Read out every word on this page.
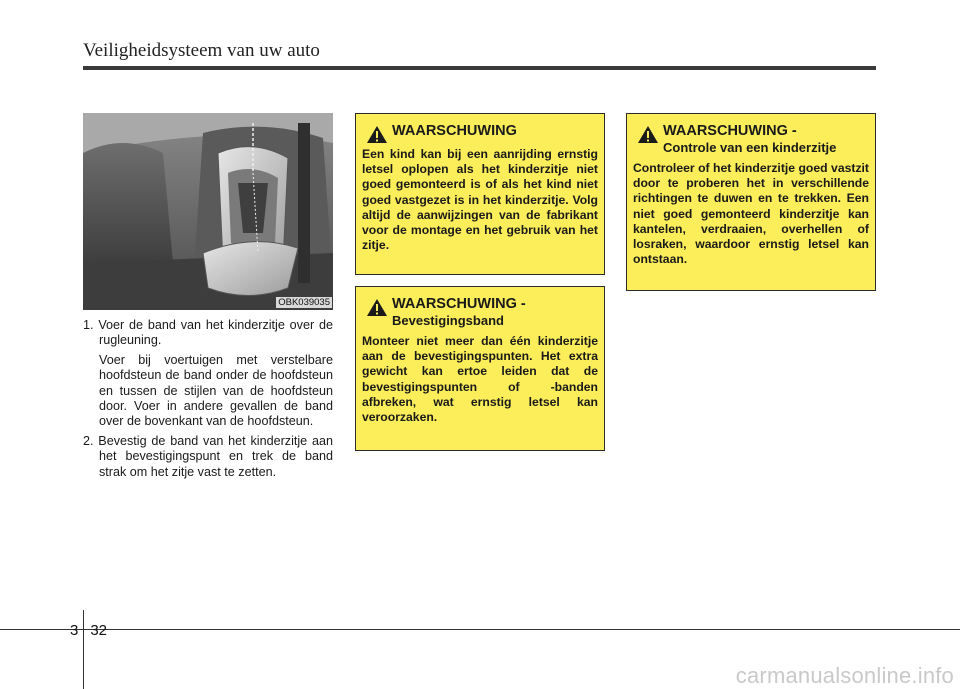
Veiligheidsysteem van uw auto
OBK039035
1. Voer de band van het kinderzitje over de rugleuning.
Voer bij voertuigen met verstelbare hoofdsteun de band onder de hoofdsteun en tussen de stijlen van de hoofdsteun door. Voer in andere gevallen de band over de bovenkant van de hoofdsteun.
2. Bevestig de band van het kinderzitje aan het bevestigingspunt en trek de band strak om het zitje vast te zetten.
WAARSCHUWING
Een kind kan bij een aanrijding ernstig letsel oplopen als het kinderzitje niet goed gemonteerd is of als het kind niet goed vastgezet is in het kinderzitje. Volg altijd de aanwijzingen van de fabrikant voor de montage en het gebruik van het zitje.
WAARSCHUWING -
Bevestigingsband
Monteer niet meer dan één kinderzitje aan de bevestigingspunten. Het extra gewicht kan ertoe leiden dat de bevestigingspunten of -banden afbreken, wat ernstig letsel kan veroorzaken.
WAARSCHUWING -
Controle van een kinderzitje
Controleer of het kinderzitje goed vastzit door te proberen het in verschillende richtingen te duwen en te trekken. Een niet goed gemonteerd kinderzitje kan kantelen, verdraaien, overhellen of losraken, waardoor ernstig letsel kan ontstaan.
3 32
carmanualsonline.info
